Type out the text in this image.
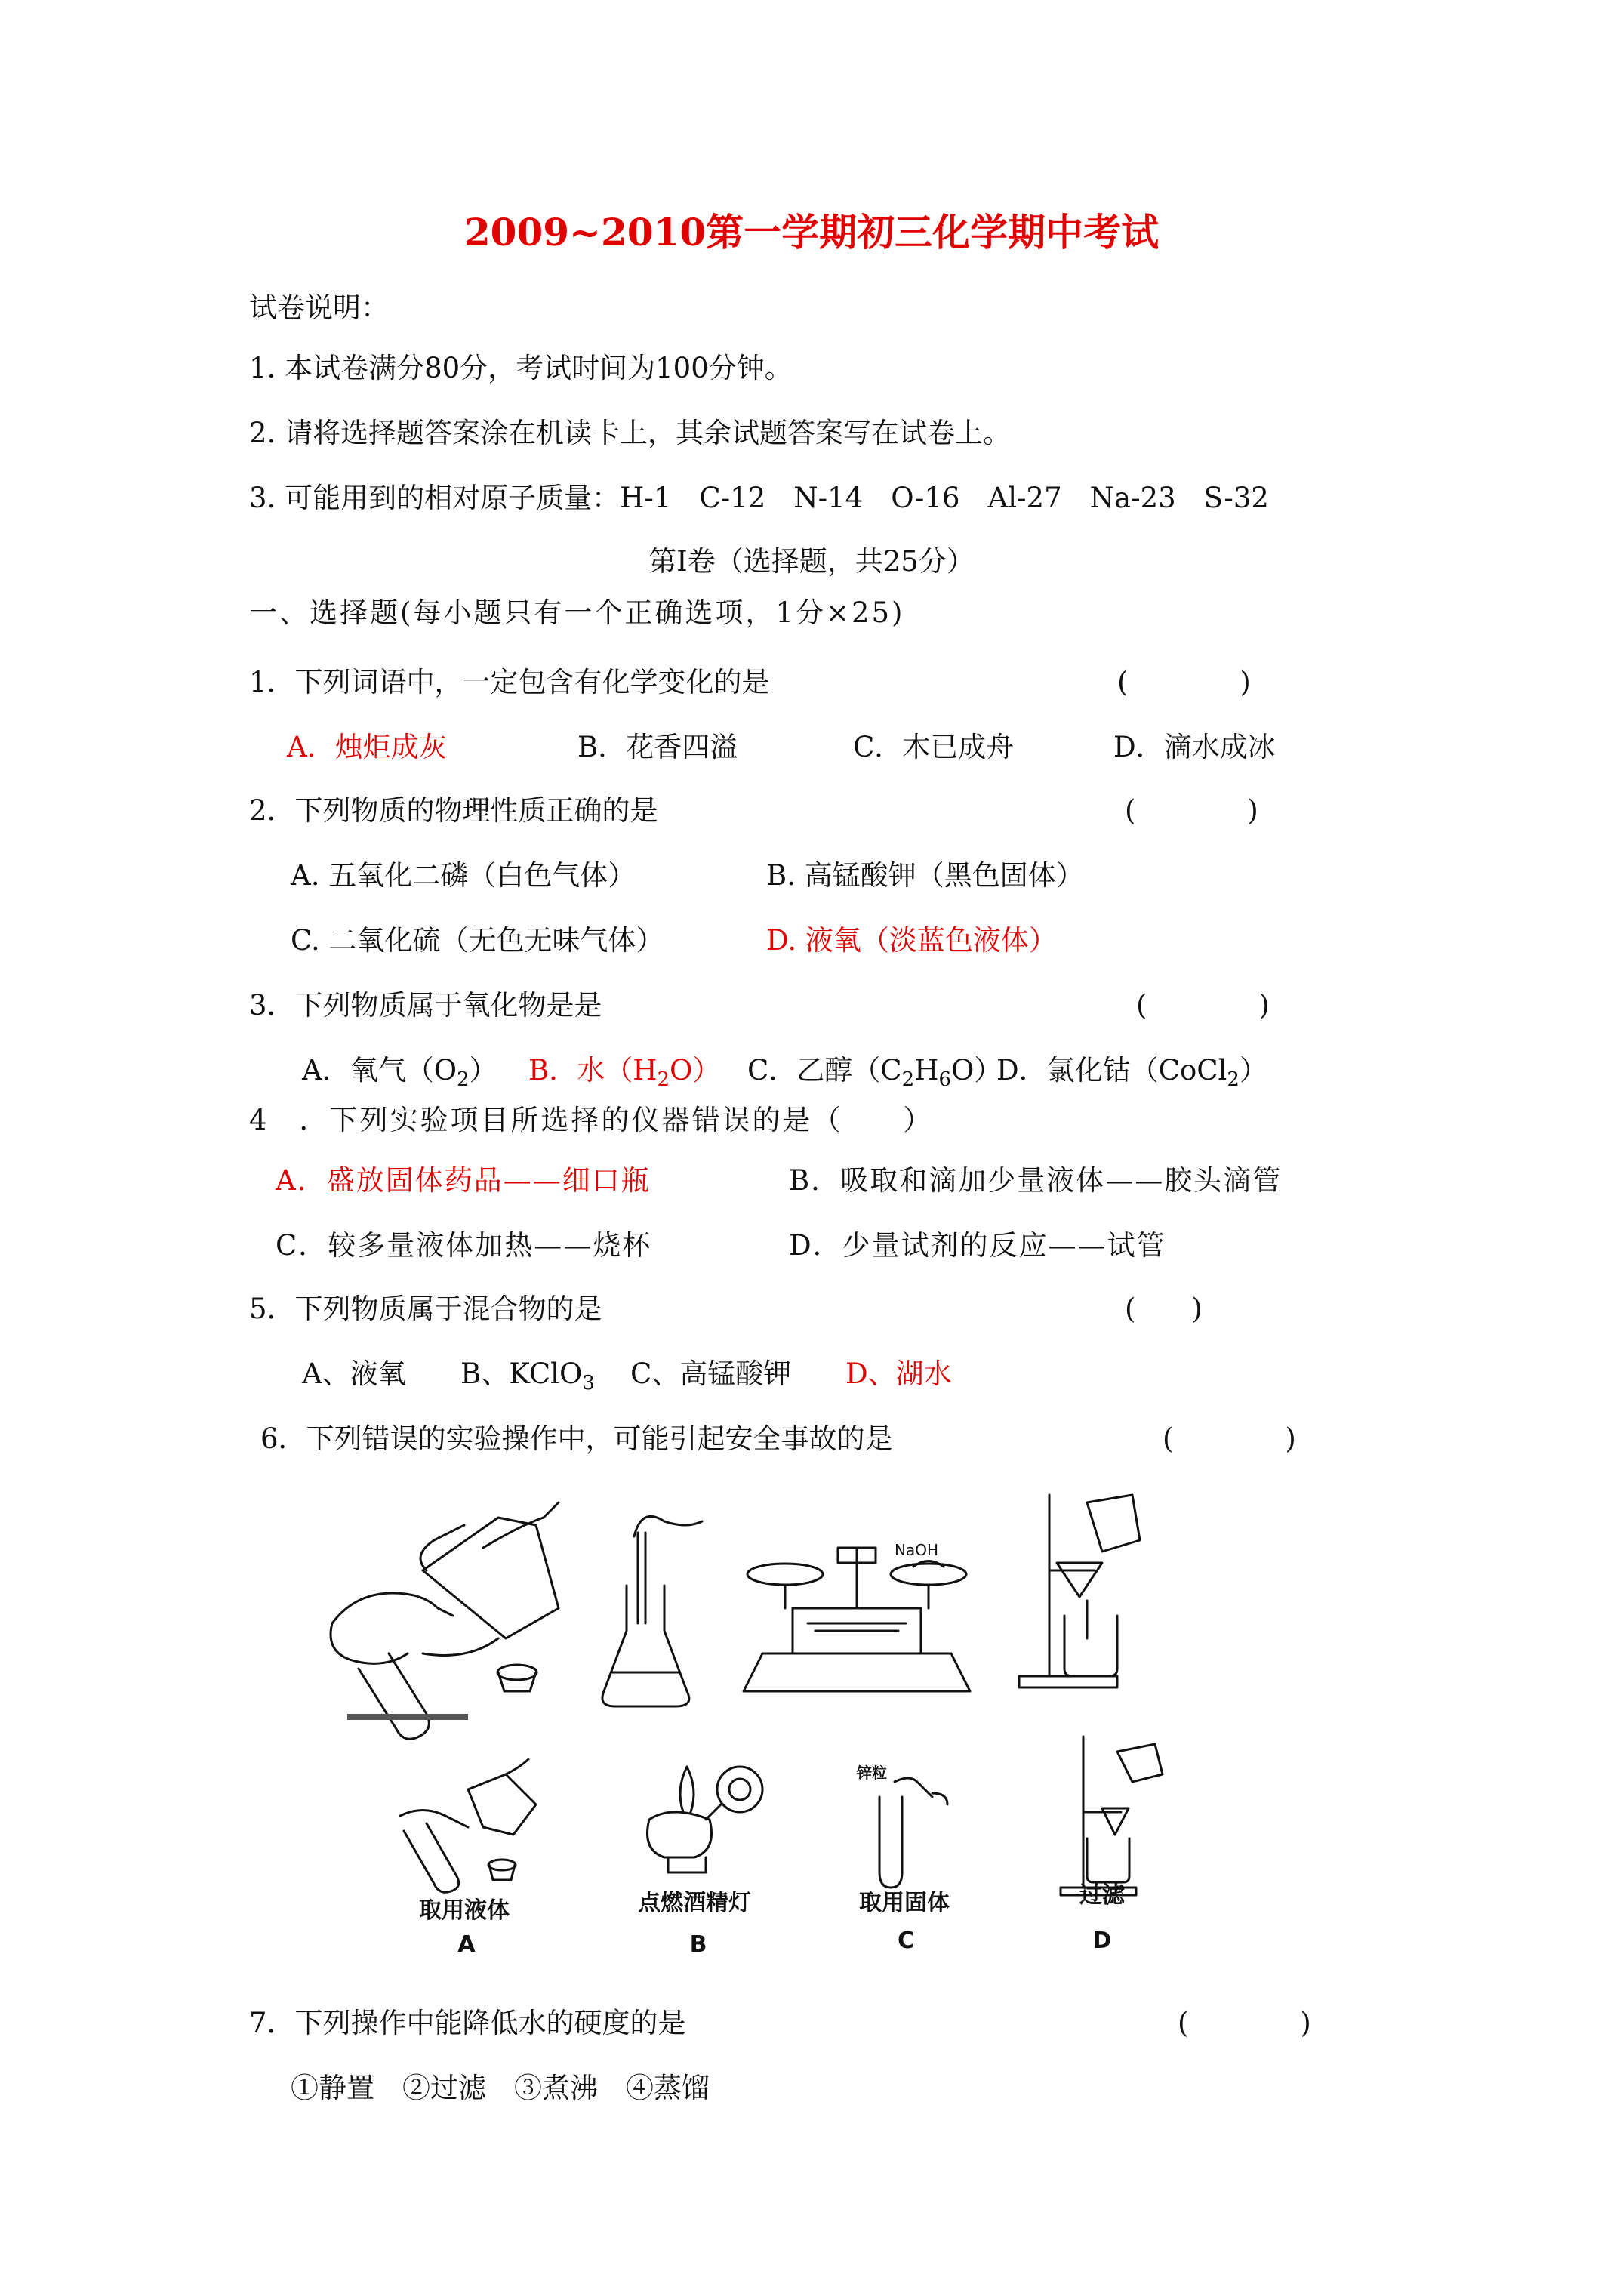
2009~2010第一学期初三化学期中考试
试卷说明：
1. 本试卷满分80分，考试时间为100分钟。
2. 请将选择题答案涂在机读卡上，其余试题答案写在试卷上。
3. 可能用到的相对原子质量：H-1　C-12　N-14　O-16　Al-27　Na-23　S-32
第Ⅰ卷（选择题，共25分）
一、选择题(每小题只有一个正确选项，1分×25)
1．下列词语中，一定包含有化学变化的是	(　　　　)
A．烛炬成灰	B．花香四溢	C．木已成舟	D．滴水成冰
2．下列物质的物理性质正确的是	(　　　　)
A. 五氧化二磷（白色气体）	B. 高锰酸钾（黑色固体）
C. 二氧化硫（无色无味气体）	D. 液氧（淡蓝色液体）
3．下列物质属于氧化物是是	(　　　　)
A．氧气$(O_2)$ B．水$(H_2O)$ C．乙醇$(C_2H_6O)$
D．氯化钴（CoCl$_2$）
4　．下列实验项目所选择的仪器错误的是（　　）
A．盛放固体药品——细口瓶	B．吸取和滴加少量液体——胶头滴管
C．较多量液体加热——烧杯	D．少量试剂的反应——试管
5．下列物质属于混合物的是	(　　)
A、液氧 B、KClO$_3$ C、高锰酸钾 D、湖水
6．下列错误的实验操作中，可能引起安全事故的是	(　　　　)
NaOH
锌粒
取用液体
A
点燃酒精灯
B
取用固体
C
过滤
D
7．下列操作中能降低水的硬度的是	(　　　　)
①静置　②过滤　③煮沸　④蒸馏
